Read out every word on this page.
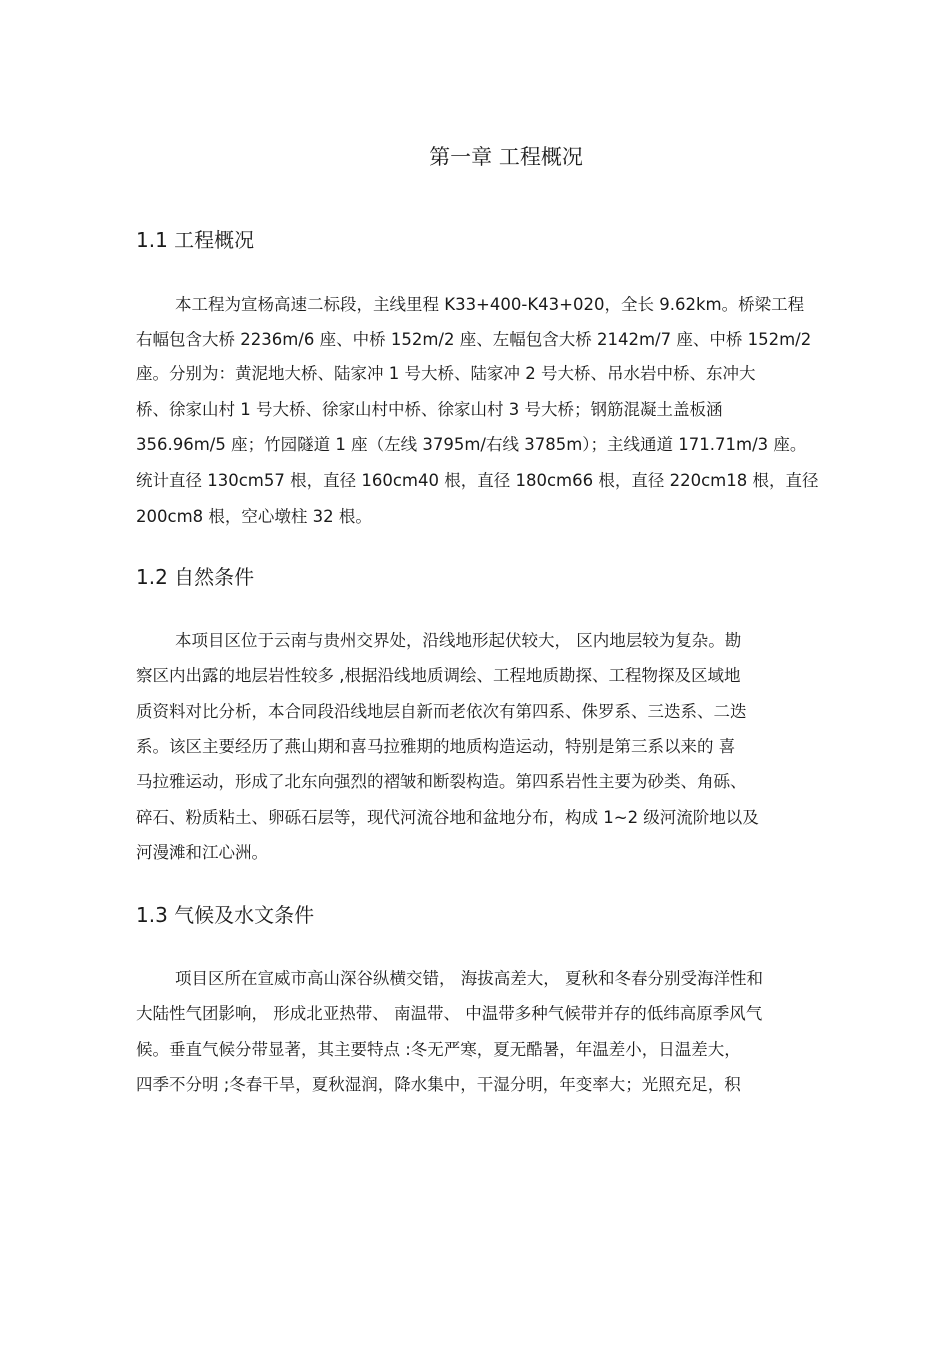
第一章 工程概况
1.1 工程概况
本工程为宣杨高速二标段，主线里程 K33+400-K43+020，全长 9.62km。桥梁工程
右幅包含大桥 2236m/6 座、中桥 152m/2 座、左幅包含大桥 2142m/7 座、中桥 152m/2
座。分别为：黄泥地大桥、陆家冲 1 号大桥、陆家冲 2 号大桥、吊水岩中桥、东冲大
桥、徐家山村 1 号大桥、徐家山村中桥、徐家山村 3 号大桥；钢筋混凝土盖板涵
356.96m/5 座；竹园隧道 1 座（左线 3795m/右线 3785m）；主线通道 171.71m/3 座。
统计直径 130cm57 根，直径 160cm40 根，直径 180cm66 根，直径 220cm18 根，直径
200cm8 根，空心墩柱 32 根。
1.2 自然条件
本项目区位于云南与贵州交界处，沿线地形起伏较大， 区内地层较为复杂。勘
察区内出露的地层岩性较多 ,根据沿线地质调绘、工程地质勘探、工程物探及区域地
质资料对比分析，本合同段沿线地层自新而老依次有第四系、侏罗系、三迭系、二迭
系。该区主要经历了燕山期和喜马拉雅期的地质构造运动，特别是第三系以来的 喜
马拉雅运动，形成了北东向强烈的褶皱和断裂构造。第四系岩性主要为砂类、角砾、
碎石、粉质粘土、卵砾石层等，现代河流谷地和盆地分布，构成 1~2 级河流阶地以及
河漫滩和江心洲。
1.3 气候及水文条件
项目区所在宣威市高山深谷纵横交错， 海拔高差大， 夏秋和冬春分别受海洋性和
大陆性气团影响， 形成北亚热带、 南温带、 中温带多种气候带并存的低纬高原季风气
候。垂直气候分带显著，其主要特点 :冬无严寒，夏无酷暑，年温差小，日温差大，
四季不分明 ;冬春干旱，夏秋湿润，降水集中，干湿分明，年变率大；光照充足，积
